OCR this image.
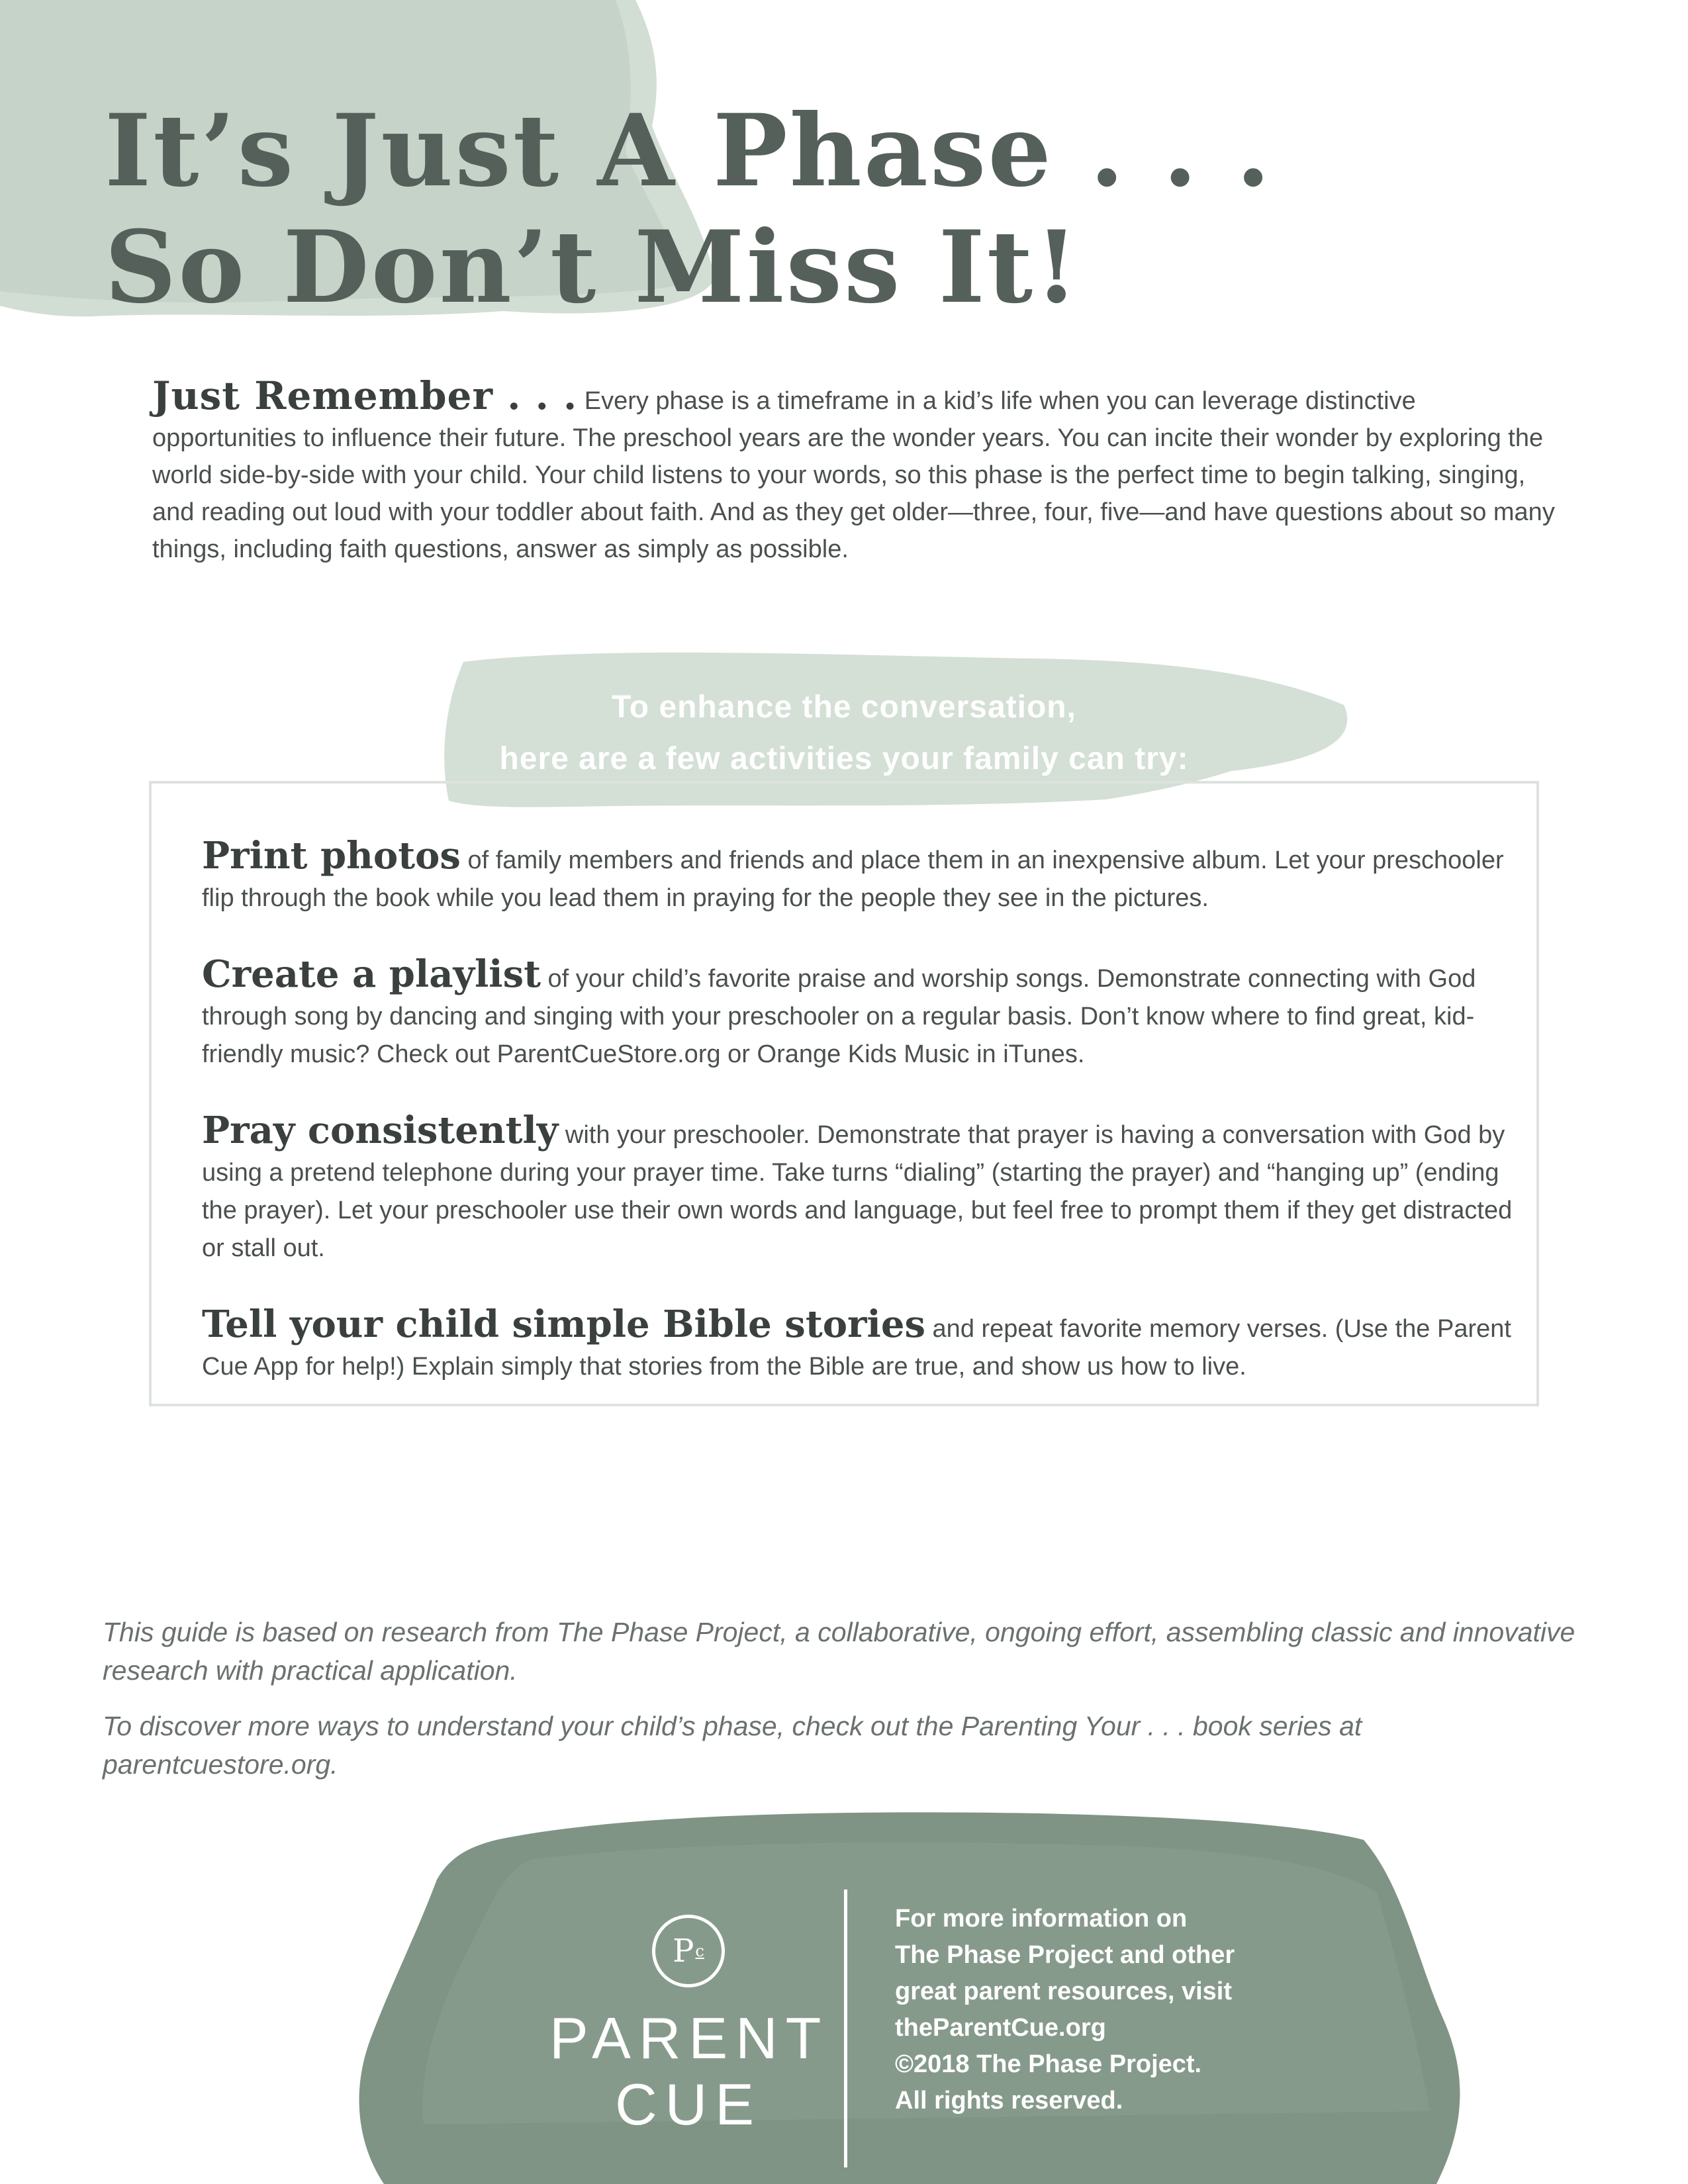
It’s Just A Phase . . .
So Don’t Miss It!

Just Remember . . . Every phase is a timeframe in a kid’s life when you can leverage distinctive opportunities to influence their future. The preschool years are the wonder years. You can incite their wonder by exploring the world side-by-side with your child. Your child listens to your words, so this phase is the perfect time to begin talking, singing, and reading out loud with your toddler about faith. And as they get older—three, four, five—and have questions about so many things, including faith questions, answer as simply as possible.

To enhance the conversation,
here are a few activities your family can try:
Print photos of family members and friends and place them in an inexpensive album. Let your preschooler flip through the book while you lead them in praying for the people they see in the pictures.
Create a playlist of your child’s favorite praise and worship songs. Demonstrate connecting with God through song by dancing and singing with your preschooler on a regular basis. Don’t know where to find great, kid-friendly music? Check out ParentCueStore.org or Orange Kids Music in iTunes.
Pray consistently with your preschooler. Demonstrate that prayer is having a conversation with God by using a pretend telephone during your prayer time. Take turns “dialing” (starting the prayer) and “hanging up” (ending the prayer). Let your preschooler use their own words and language, but feel free to prompt them if they get distracted or stall out.
Tell your child simple Bible stories and repeat favorite memory verses. (Use the Parent Cue App for help!) Explain simply that stories from the Bible are true, and show us how to live.

This guide is based on research from The Phase Project, a collaborative, ongoing effort, assembling classic and innovative research with practical application.

To discover more ways to understand your child’s phase, check out the Parenting Your . . . book series at parentcuestore.org.

P c
PARENT
CUE
For more information on
The Phase Project and other
great parent resources, visit
theParentCue.org
©2018 The Phase Project.
All rights reserved.
